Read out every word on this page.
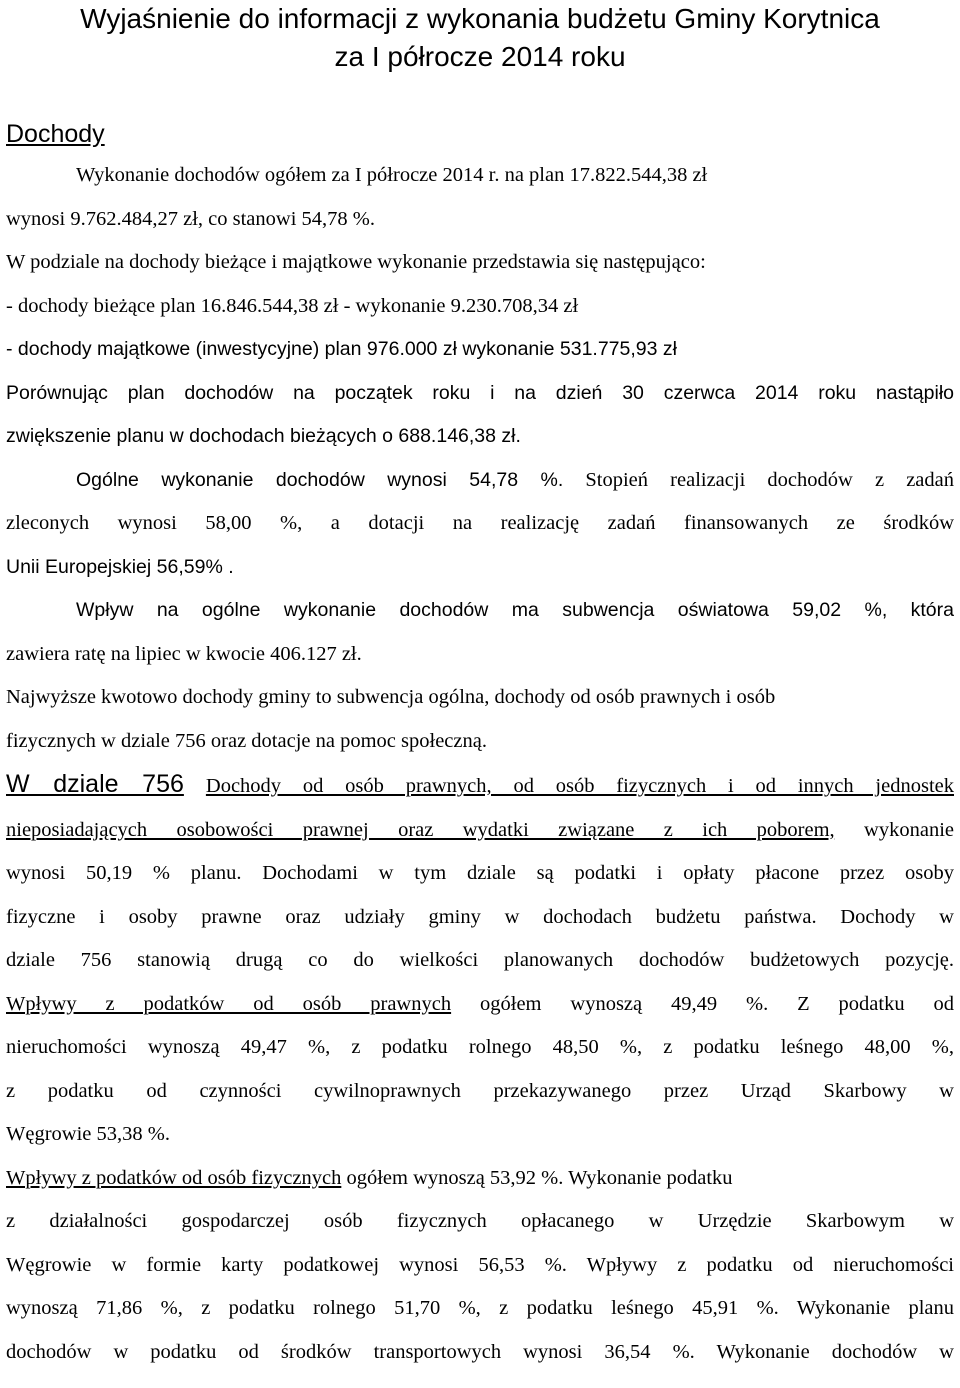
Wyjaśnienie do informacji z wykonania budżetu Gminy Korytnica
za I półrocze 2014 roku
Dochody
Wykonanie dochodów ogółem za I półrocze 2014 r. na plan 17.822.544,38 zł
wynosi 9.762.484,27 zł, co stanowi 54,78 %.
W podziale na dochody bieżące i majątkowe wykonanie przedstawia się następująco:
- dochody bieżące plan 16.846.544,38 zł - wykonanie 9.230.708,34 zł
- dochody majątkowe (inwestycyjne) plan 976.000 zł wykonanie 531.775,93 zł
Porównując plan dochodów na początek roku i na dzień 30 czerwca 2014 roku nastąpiło
zwiększenie planu w dochodach bieżących o 688.146,38 zł.
Ogólne wykonanie dochodów wynosi 54,78 %. Stopień realizacji dochodów z zadań
zleconych wynosi 58,00 %, a dotacji na realizację zadań finansowanych ze środków
Unii Europejskiej 56,59% .
Wpływ na ogólne wykonanie dochodów ma subwencja oświatowa 59,02 %, która
zawiera ratę na lipiec w kwocie 406.127 zł.
Najwyższe kwotowo dochody gminy to subwencja ogólna, dochody od osób prawnych i osób
fizycznych w dziale 756 oraz dotacje na pomoc społeczną.
W dziale 756 Dochody od osób prawnych, od osób fizycznych i od innych jednostek
nieposiadających osobowości prawnej oraz wydatki związane z ich poborem, wykonanie
wynosi 50,19 % planu. Dochodami w tym dziale są podatki i opłaty płacone przez osoby
fizyczne i osoby prawne oraz udziały gminy w dochodach budżetu państwa. Dochody w
dziale 756 stanowią drugą co do wielkości planowanych dochodów budżetowych pozycję.
Wpływy z podatków od osób prawnych ogółem wynoszą 49,49 %. Z podatku od
nieruchomości wynoszą 49,47 %, z podatku rolnego 48,50 %, z podatku leśnego 48,00 %,
z podatku od czynności cywilnoprawnych przekazywanego przez Urząd Skarbowy w
Węgrowie 53,38 %.
Wpływy z podatków od osób fizycznych ogółem wynoszą 53,92 %. Wykonanie podatku
z działalności gospodarczej osób fizycznych opłacanego w Urzędzie Skarbowym w
Węgrowie w formie karty podatkowej wynosi 56,53 %. Wpływy z podatku od nieruchomości
wynoszą 71,86 %, z podatku rolnego 51,70 %, z podatku leśnego 45,91 %. Wykonanie planu
dochodów w podatku od środków transportowych wynosi 36,54 %. Wykonanie dochodów w
